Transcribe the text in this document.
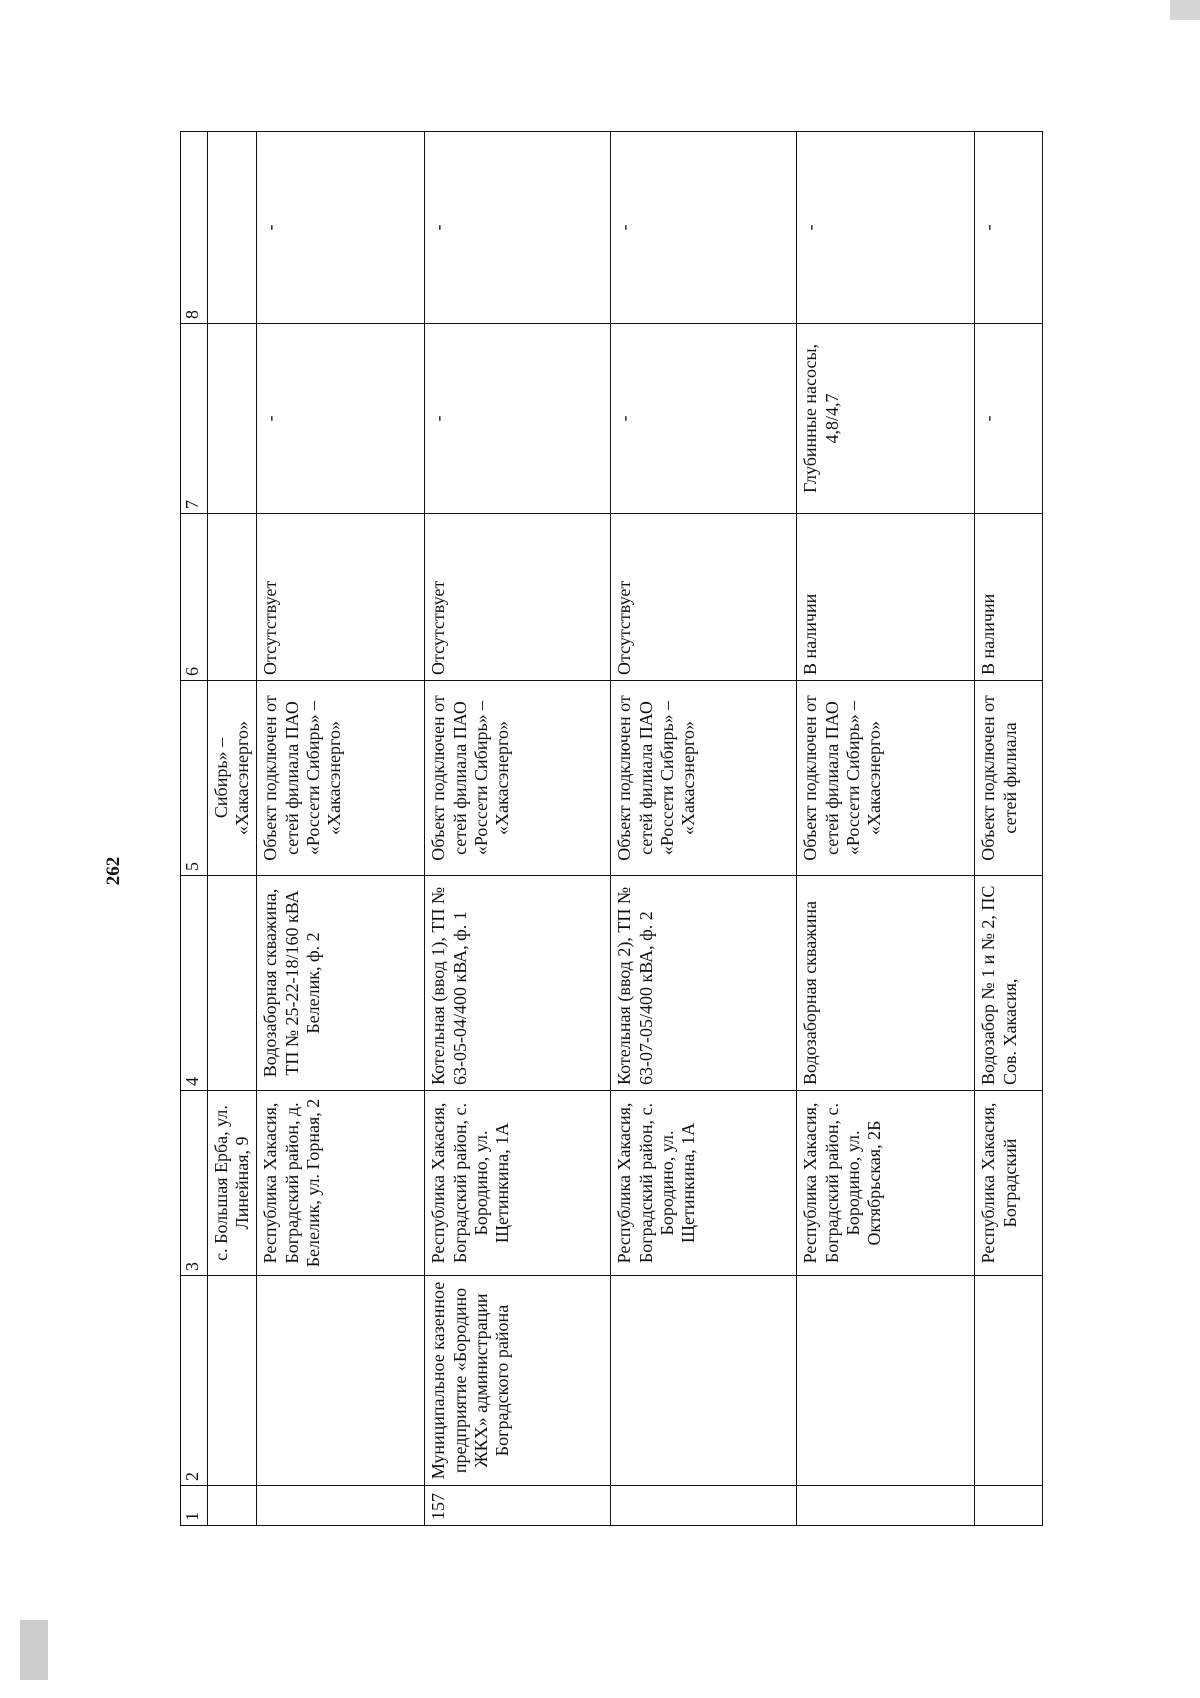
262
1	2	3	4	5	6	7	8
		с. Большая Ерба, ул. Линейная, 9		Сибирь» – «Хакасэнерго»			
		Республика Хакасия, Боградский район, д. Белелик, ул. Горная, 2	Водозаборная скважина, ТП № 25-22-18/160 кВА Белелик, ф. 2	Объект подключен от сетей филиала ПАО «Россети Сибирь» – «Хакасэнерго»	Отсутствует	-	-
157	Муниципальное казенное предприятие «Бородино ЖКХ» администрации Боградского района	Республика Хакасия, Боградский район, с. Бородино, ул. Щетинкина, 1А	Котельная (ввод 1), ТП № 63-05-04/400 кВА, ф. 1	Объект подключен от сетей филиала ПАО «Россети Сибирь» – «Хакасэнерго»	Отсутствует	-	-
		Республика Хакасия, Боградский район, с. Бородино, ул. Щетинкина, 1А	Котельная (ввод 2), ТП № 63-07-05/400 кВА, ф. 2	Объект подключен от сетей филиала ПАО «Россети Сибирь» – «Хакасэнерго»	Отсутствует	-	-
		Республика Хакасия, Боградский район, с. Бородино, ул. Октябрьская, 2Б	Водозаборная скважина	Объект подключен от сетей филиала ПАО «Россети Сибирь» – «Хакасэнерго»	В наличии	Глубинные насосы, 4,8/4,7	-
		Республика Хакасия, Боградский	Водозабор № 1 и № 2, ПС Сов. Хакасия,	Объект подключен от сетей филиала	В наличии	-	-
